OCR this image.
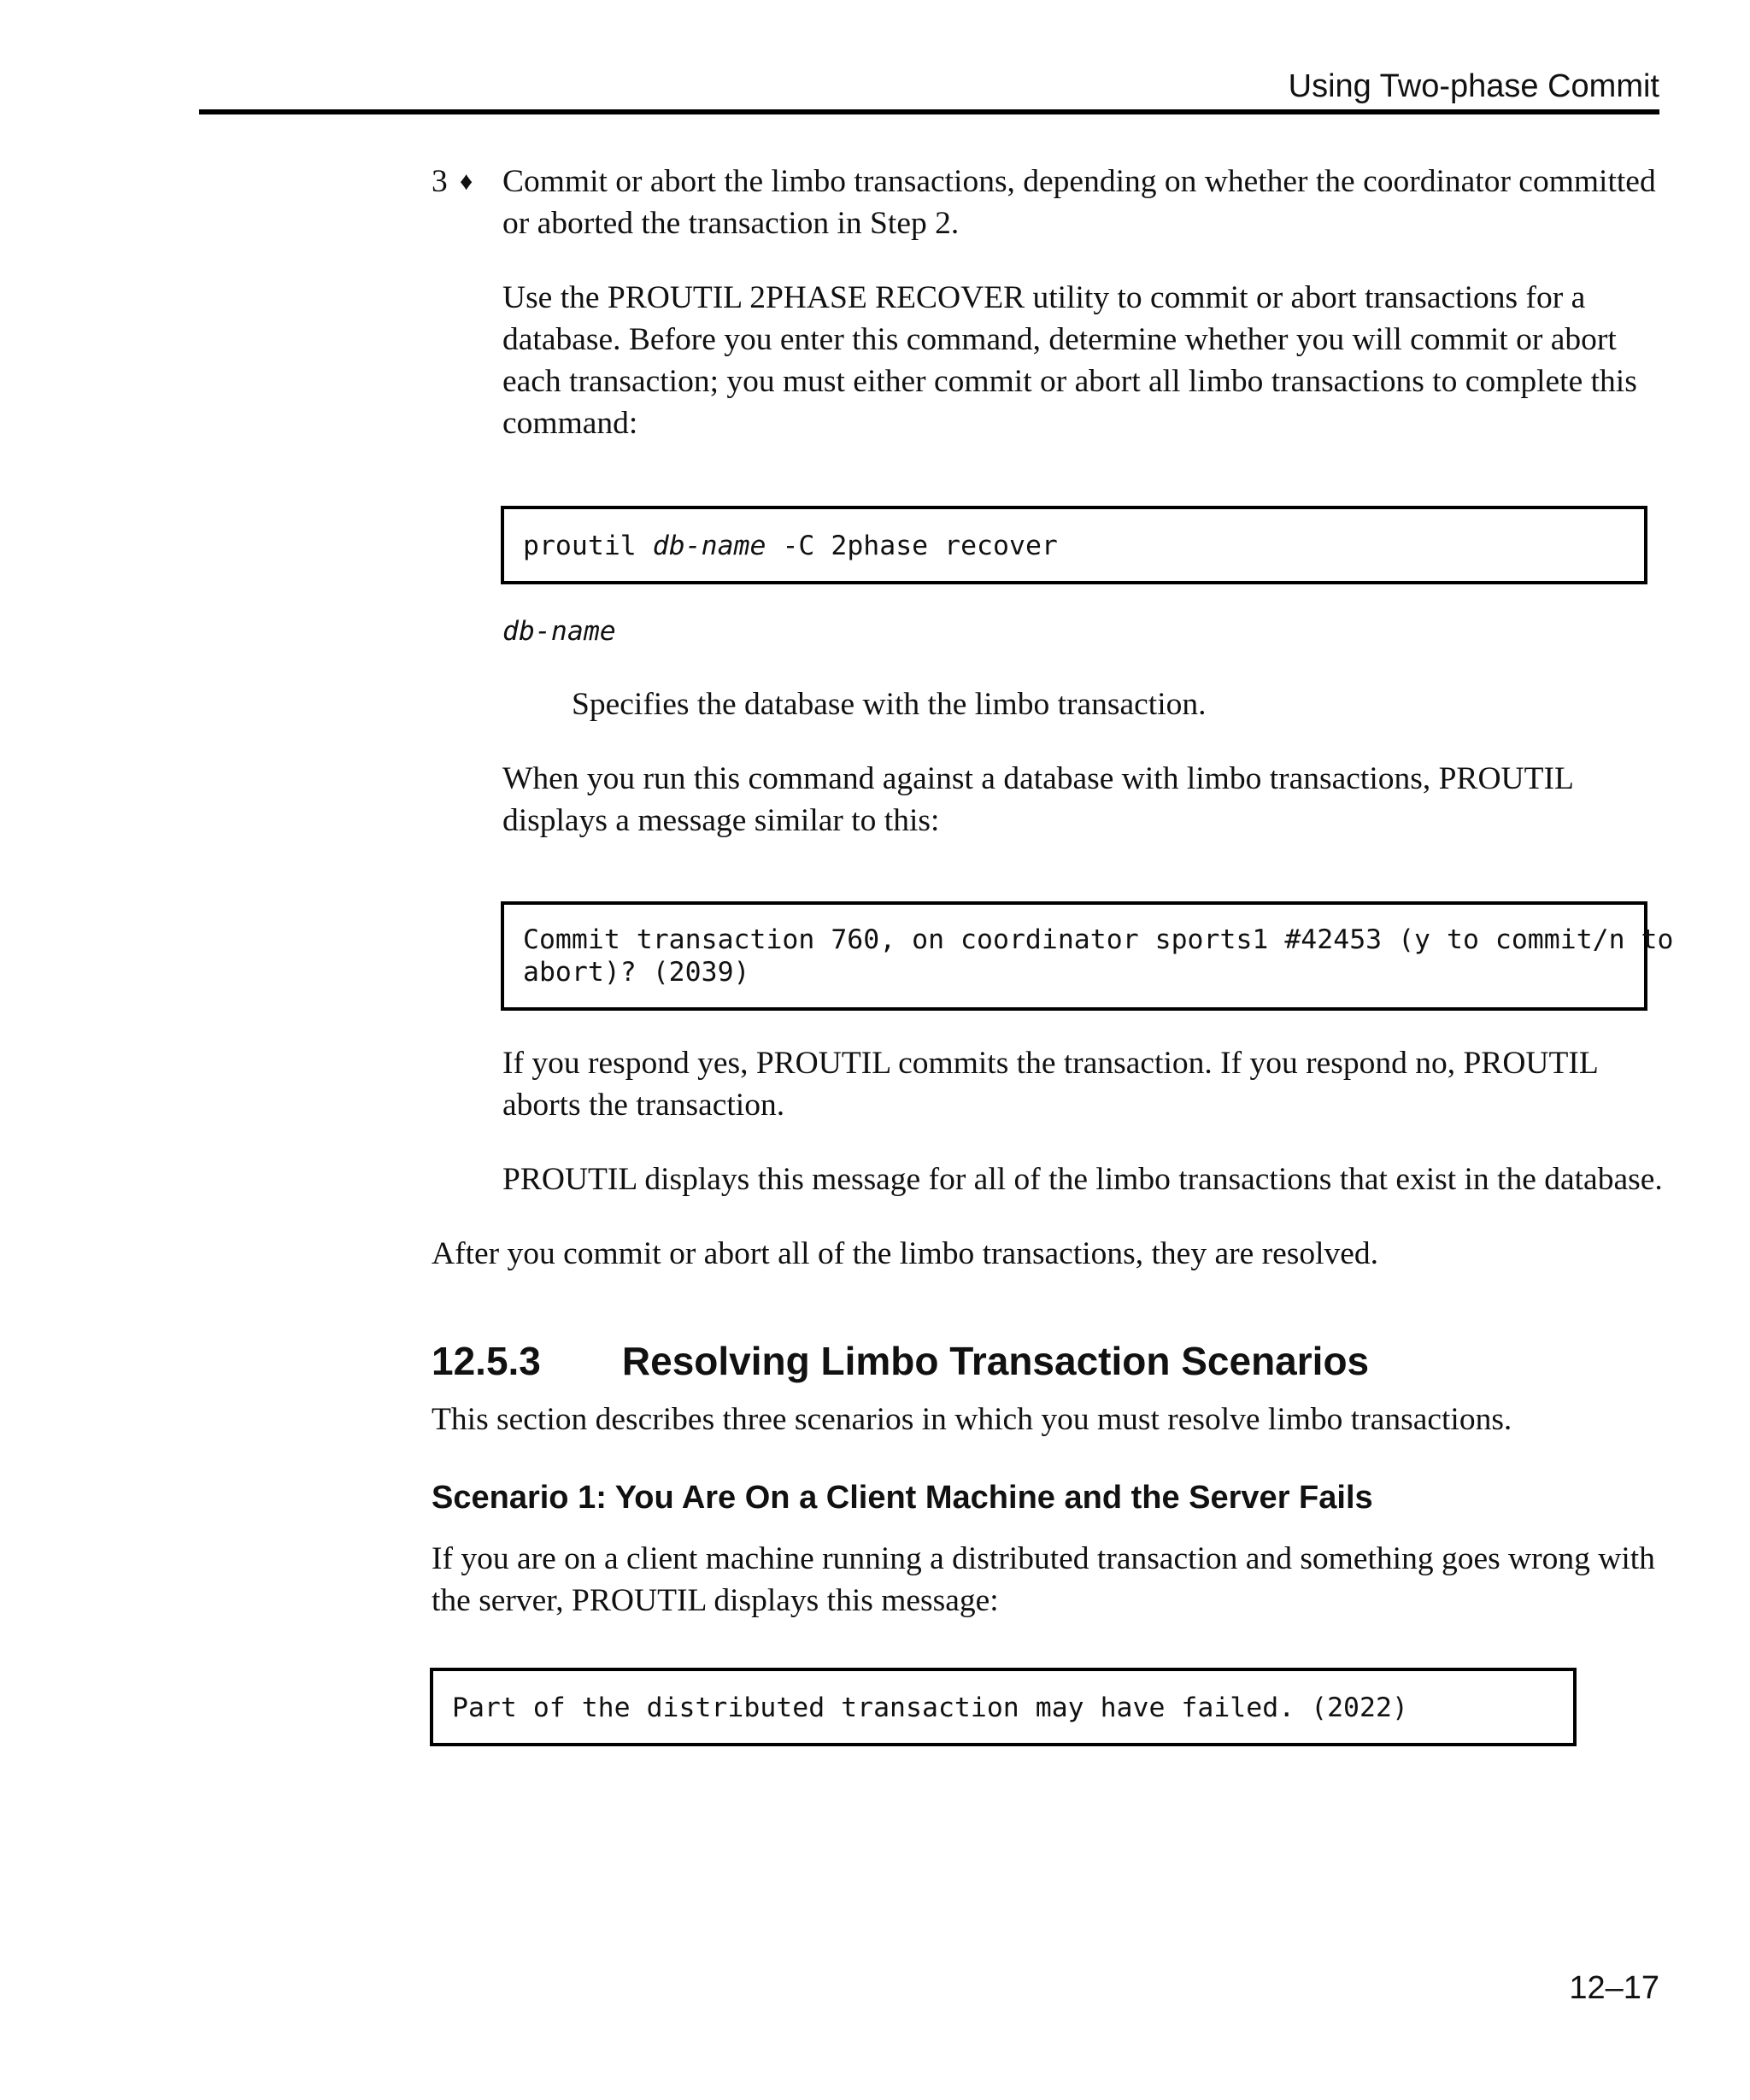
Using Two-phase Commit
3 ♦ Commit or abort the limbo transactions, depending on whether the coordinator committed
or aborted the transaction in Step 2.
Use the PROUTIL 2PHASE RECOVER utility to commit or abort transactions for a
database. Before you enter this command, determine whether you will commit or abort
each transaction; you must either commit or abort all limbo transactions to complete this
command:
proutil db-name -C 2phase recover
db-name
Specifies the database with the limbo transaction.
When you run this command against a database with limbo transactions, PROUTIL
displays a message similar to this:
Commit transaction 760, on coordinator sports1 #42453 (y to commit/n to
abort)? (2039)
If you respond yes, PROUTIL commits the transaction. If you respond no, PROUTIL
aborts the transaction.
PROUTIL displays this message for all of the limbo transactions that exist in the database.
After you commit or abort all of the limbo transactions, they are resolved.
12.5.3 Resolving Limbo Transaction Scenarios
This section describes three scenarios in which you must resolve limbo transactions.
Scenario 1: You Are On a Client Machine and the Server Fails
If you are on a client machine running a distributed transaction and something goes wrong with
the server, PROUTIL displays this message:
Part of the distributed transaction may have failed. (2022)
12–17
